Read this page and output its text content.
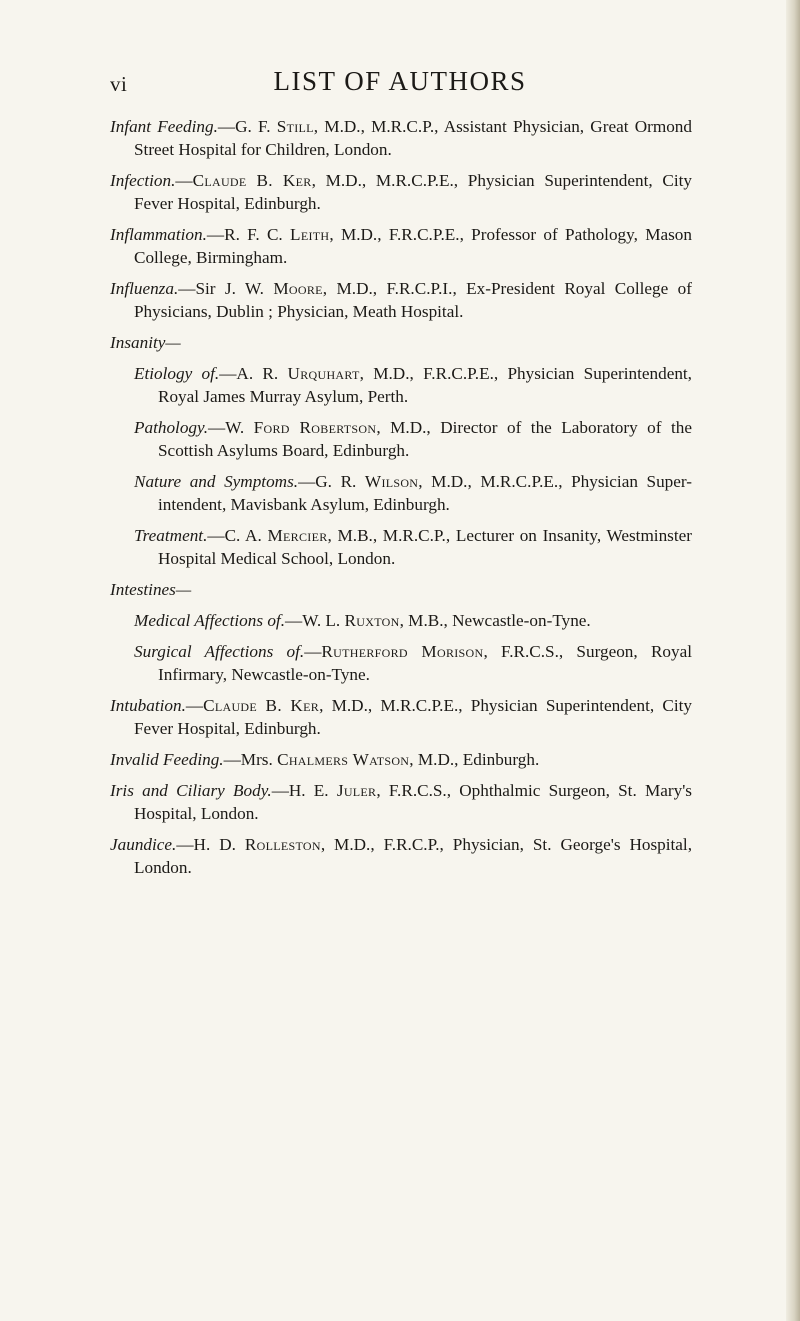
vi	LIST OF AUTHORS

Infant Feeding.—G. F. Still, M.D., M.R.C.P., Assistant Physician, Great Ormond Street Hospital for Children, London.

Infection.—Claude B. Ker, M.D., M.R.C.P.E., Physician Superintendent, City Fever Hospital, Edinburgh.

Inflammation.—R. F. C. Leith, M.D., F.R.C.P.E., Professor of Pathology, Mason College, Birmingham.

Influenza.—Sir J. W. Moore, M.D., F.R.C.P.I., Ex-President Royal College of Physicians, Dublin ; Physician, Meath Hospital.

Insanity—

Etiology of.—A. R. Urquhart, M.D., F.R.C.P.E., Physician Superintendent, Royal James Murray Asylum, Perth.

Pathology.—W. Ford Robertson, M.D., Director of the Laboratory of the Scottish Asylums Board, Edinburgh.

Nature and Symptoms.—G. R. Wilson, M.D., M.R.C.P.E., Physician Super-intendent, Mavisbank Asylum, Edinburgh.

Treatment.—C. A. Mercier, M.B., M.R.C.P., Lecturer on Insanity, Westminster Hospital Medical School, London.

Intestines—

Medical Affections of.—W. L. Ruxton, M.B., Newcastle-on-Tyne.

Surgical Affections of.—Rutherford Morison, F.R.C.S., Surgeon, Royal Infirmary, Newcastle-on-Tyne.

Intubation.—Claude B. Ker, M.D., M.R.C.P.E., Physician Superintendent, City Fever Hospital, Edinburgh.

Invalid Feeding.—Mrs. Chalmers Watson, M.D., Edinburgh.

Iris and Ciliary Body.—H. E. Juler, F.R.C.S., Ophthalmic Surgeon, St. Mary's Hospital, London.

Jaundice.—H. D. Rolleston, M.D., F.R.C.P., Physician, St. George's Hospital, London.
